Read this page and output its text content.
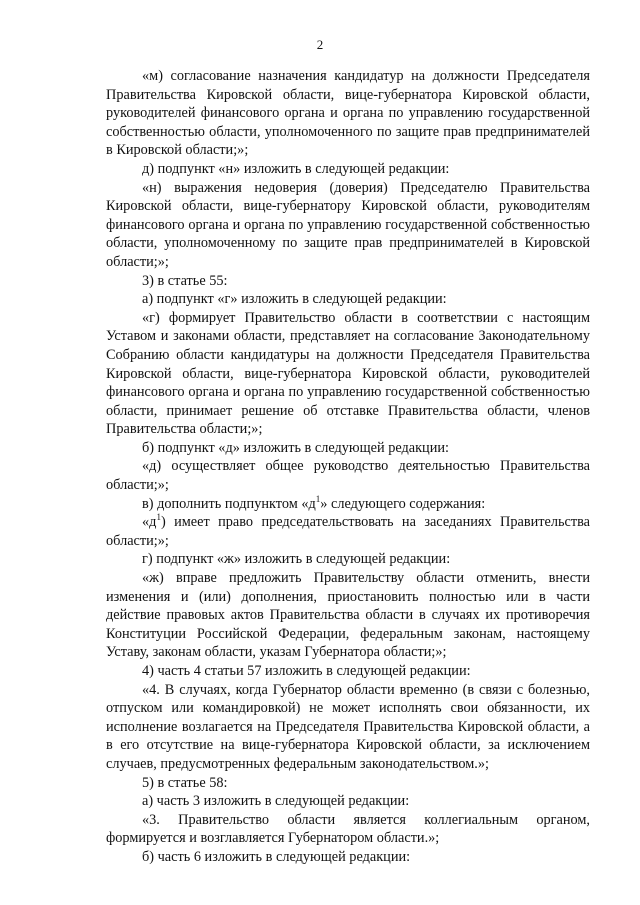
2

«м) согласование назначения кандидатур на должности Председателя Правительства Кировской области, вице-губернатора Кировской области, руководителей финансового органа и органа по управлению государственной собственностью области, уполномоченного по защите прав предпринимателей в Кировской области;»;

д) подпункт «н» изложить в следующей редакции:

«н) выражения недоверия (доверия) Председателю Правительства Кировской области, вице-губернатору Кировской области, руководителям финансового органа и органа по управлению государственной собственностью области, уполномоченному по защите прав предпринимателей в Кировской области;»;

3) в статье 55:

а) подпункт «г» изложить в следующей редакции:

«г) формирует Правительство области в соответствии с настоящим Уставом и законами области, представляет на согласование Законодательному Собранию области кандидатуры на должности Председателя Правительства Кировской области, вице-губернатора Кировской области, руководителей финансового органа и органа по управлению государственной собственностью области, принимает решение об отставке Правительства области, членов Правительства области;»;

б) подпункт «д» изложить в следующей редакции:

«д) осуществляет общее руководство деятельностью Правительства области;»;

в) дополнить подпунктом «$д^1$» следующего содержания:

«$д^1$) имеет право председательствовать на заседаниях Правительства области;»;

г) подпункт «ж» изложить в следующей редакции:

«ж) вправе предложить Правительству области отменить, внести изменения и (или) дополнения, приостановить полностью или в части действие правовых актов Правительства области в случаях их противоречия Конституции Российской Федерации, федеральным законам, настоящему Уставу, законам области, указам Губернатора области;»;

4) часть 4 статьи 57 изложить в следующей редакции:

«4. В случаях, когда Губернатор области временно (в связи с болезнью, отпуском или командировкой) не может исполнять свои обязанности, их исполнение возлагается на Председателя Правительства Кировской области, а в его отсутствие на вице-губернатора Кировской области, за исключением случаев, предусмотренных федеральным законодательством.»;

5) в статье 58:

а) часть 3 изложить в следующей редакции:

«3. Правительство области является коллегиальным органом, формируется и возглавляется Губернатором области.»;

б) часть 6 изложить в следующей редакции:
